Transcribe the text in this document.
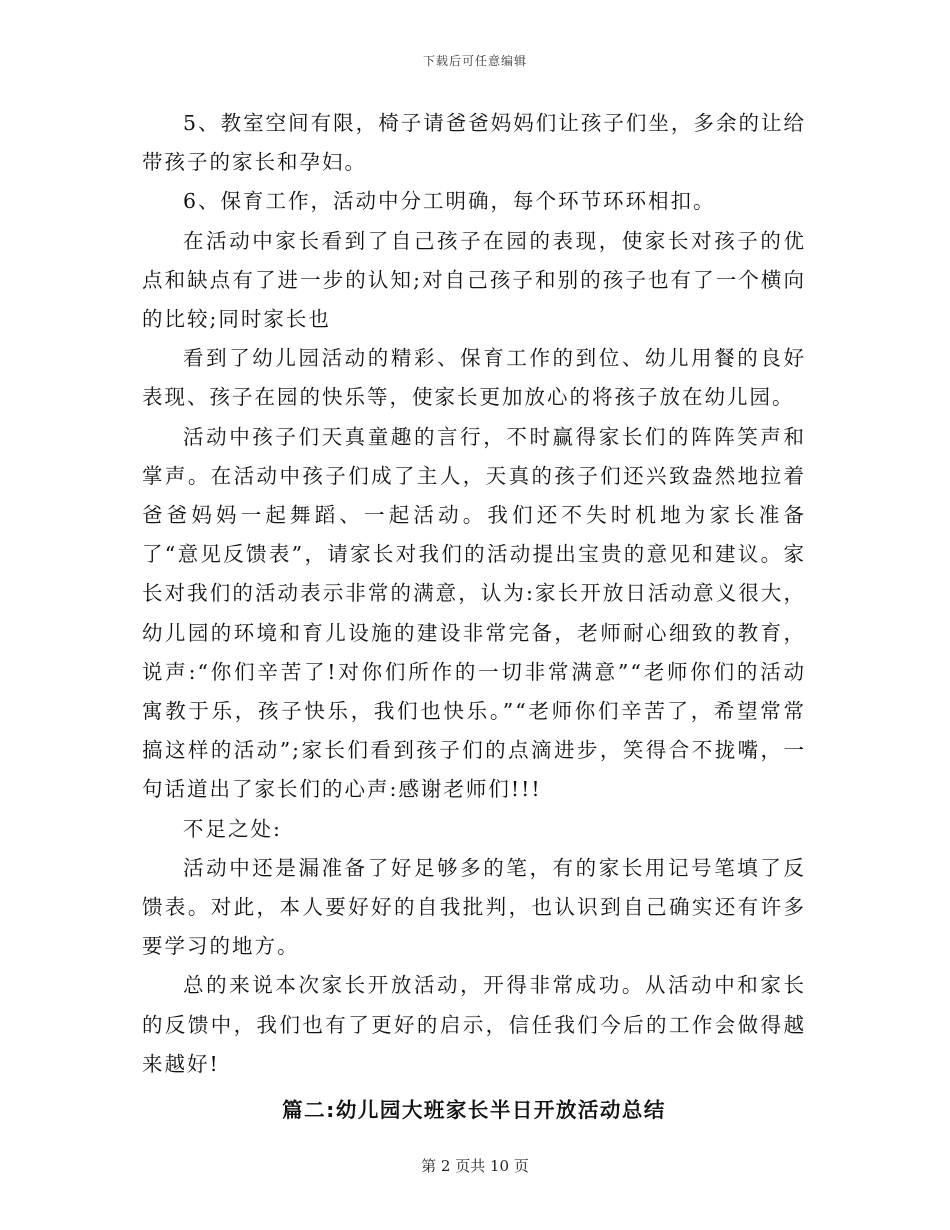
下载后可任意编辑

5、教室空间有限，椅子请爸爸妈妈们让孩子们坐，多余的让给带孩子的家长和孕妇。

6、保育工作，活动中分工明确，每个环节环环相扣。

在活动中家长看到了自己孩子在园的表现，使家长对孩子的优点和缺点有了进一步的认知;对自己孩子和别的孩子也有了一个横向的比较;同时家长也

看到了幼儿园活动的精彩、保育工作的到位、幼儿用餐的良好表现、孩子在园的快乐等，使家长更加放心的将孩子放在幼儿园。

活动中孩子们天真童趣的言行，不时赢得家长们的阵阵笑声和掌声。在活动中孩子们成了主人，天真的孩子们还兴致盎然地拉着爸爸妈妈一起舞蹈、一起活动。我们还不失时机地为家长准备了“意见反馈表”，请家长对我们的活动提出宝贵的意见和建议。家长对我们的活动表示非常的满意，认为:家长开放日活动意义很大，幼儿园的环境和育儿设施的建设非常完备，老师耐心细致的教育，说声:“你们辛苦了!对你们所作的一切非常满意”“老师你们的活动寓教于乐，孩子快乐，我们也快乐。”“老师你们辛苦了，希望常常搞这样的活动”;家长们看到孩子们的点滴进步，笑得合不拢嘴，一句话道出了家长们的心声:感谢老师们!!!

不足之处:

活动中还是漏准备了好足够多的笔，有的家长用记号笔填了反馈表。对此，本人要好好的自我批判，也认识到自己确实还有许多要学习的地方。

总的来说本次家长开放活动，开得非常成功。从活动中和家长的反馈中，我们也有了更好的启示，信任我们今后的工作会做得越来越好!

篇二:幼儿园大班家长半日开放活动总结
第 2 页共 10 页
